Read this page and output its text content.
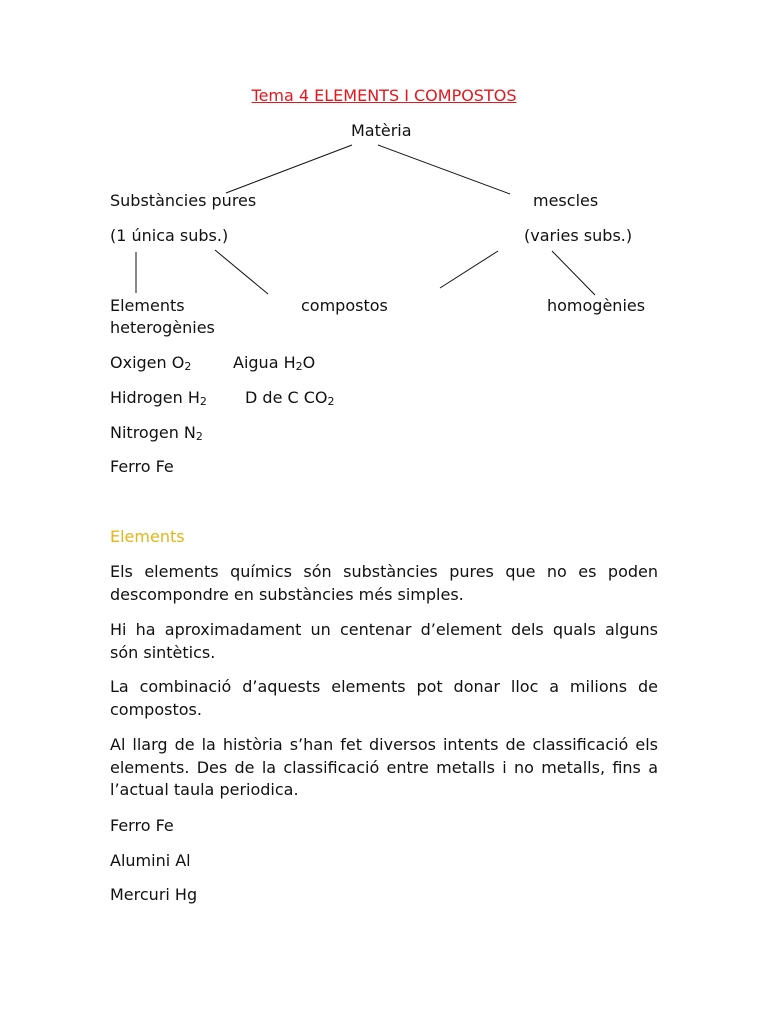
Tema 4 ELEMENTS I COMPOSTOS
Matèria
Substàncies pures	mescles
(1 única subs.)	(varies subs.)
Elements	compostos	homogènies
heterogènies
Oxigen $O_2$	Aigua $H_2O$
Hidrogen $H_2$ D de C $CO_2$
Nitrogen $N_2$
Ferro Fe
Elements
Els elements químics són substàncies pures que no es poden descompondre en substàncies més simples.
Hi ha aproximadament un centenar d’element dels quals alguns són sintètics.
La combinació d’aquests elements pot donar lloc a milions de compostos.
Al llarg de la història s’han fet diversos intents de classificació els elements. Des de la classificació entre metalls i no metalls, fins a l’actual taula periodica.
Ferro Fe
Alumini Al
Mercuri Hg
